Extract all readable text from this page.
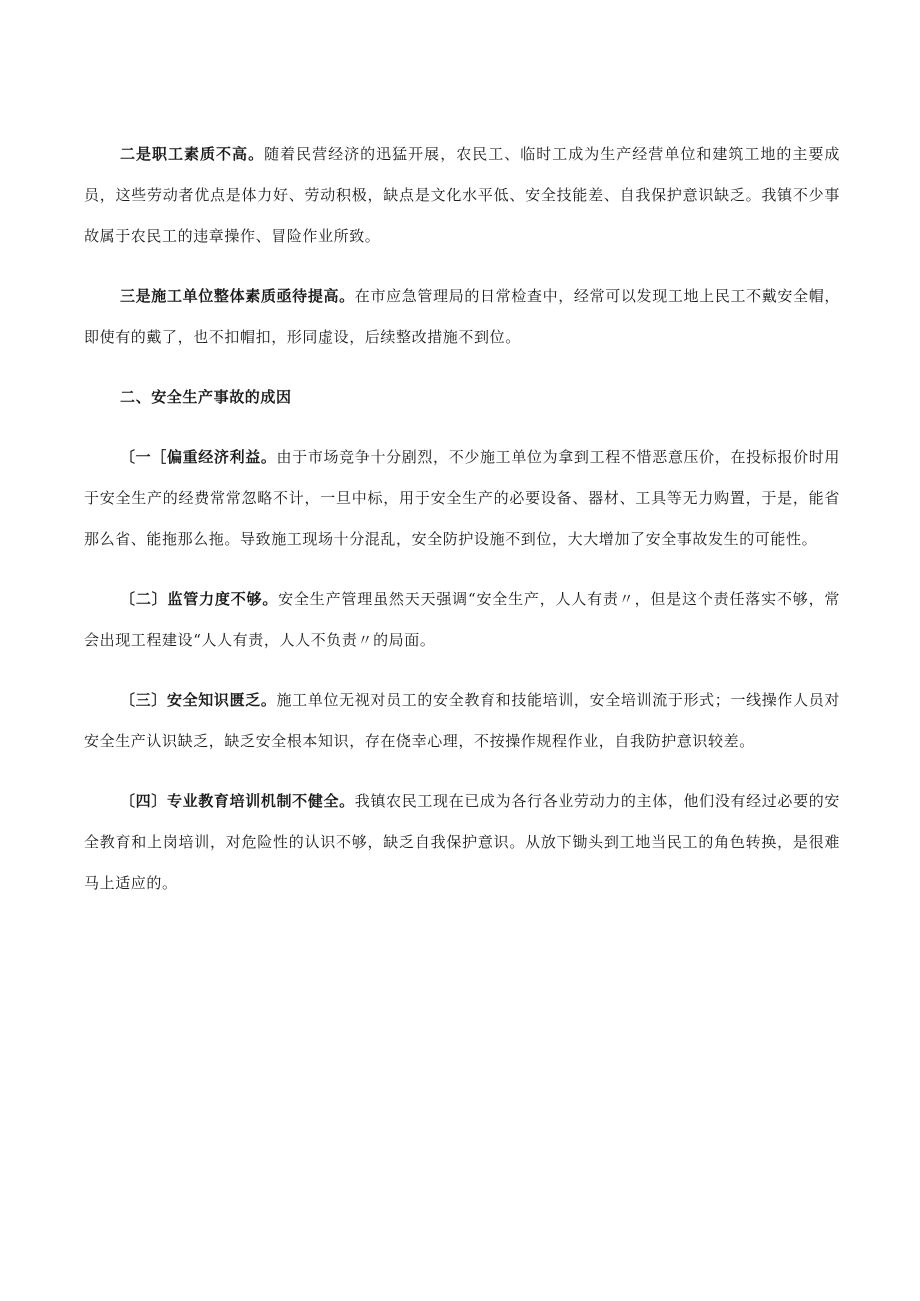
二是职工素质不高。随着民营经济的迅猛开展，农民工、临时工成为生产经营单位和建筑工地的主要成员，这些劳动者优点是体力好、劳动积极，缺点是文化水平低、安全技能差、自我保护意识缺乏。我镇不少事故属于农民工的违章操作、冒险作业所致。

三是施工单位整体素质亟待提高。在市应急管理局的日常检查中，经常可以发现工地上民工不戴安全帽，即使有的戴了，也不扣帽扣，形同虚设，后续整改措施不到位。

二、安全生产事故的成因

〔一［偏重经济利益。由于市场竞争十分剧烈，不少施工单位为拿到工程不惜恶意压价，在投标报价时用于安全生产的经费常常忽略不计，一旦中标，用于安全生产的必要设备、器材、工具等无力购置，于是，能省那么省、能拖那么拖。导致施工现场十分混乱，安全防护设施不到位，大大增加了安全事故发生的可能性。

〔二〕监管力度不够。安全生产管理虽然天天强调“安全生产，人人有责〃，但是这个责任落实不够，常会出现工程建设“人人有责，人人不负责〃的局面。

〔三〕安全知识匮乏。施工单位无视对员工的安全教育和技能培训，安全培训流于形式；一线操作人员对安全生产认识缺乏，缺乏安全根本知识，存在侥幸心理，不按操作规程作业，自我防护意识较差。

〔四〕专业教育培训机制不健全。我镇农民工现在已成为各行各业劳动力的主体，他们没有经过必要的安全教育和上岗培训，对危险性的认识不够，缺乏自我保护意识。从放下锄头到工地当民工的角色转换，是很难马上适应的。
